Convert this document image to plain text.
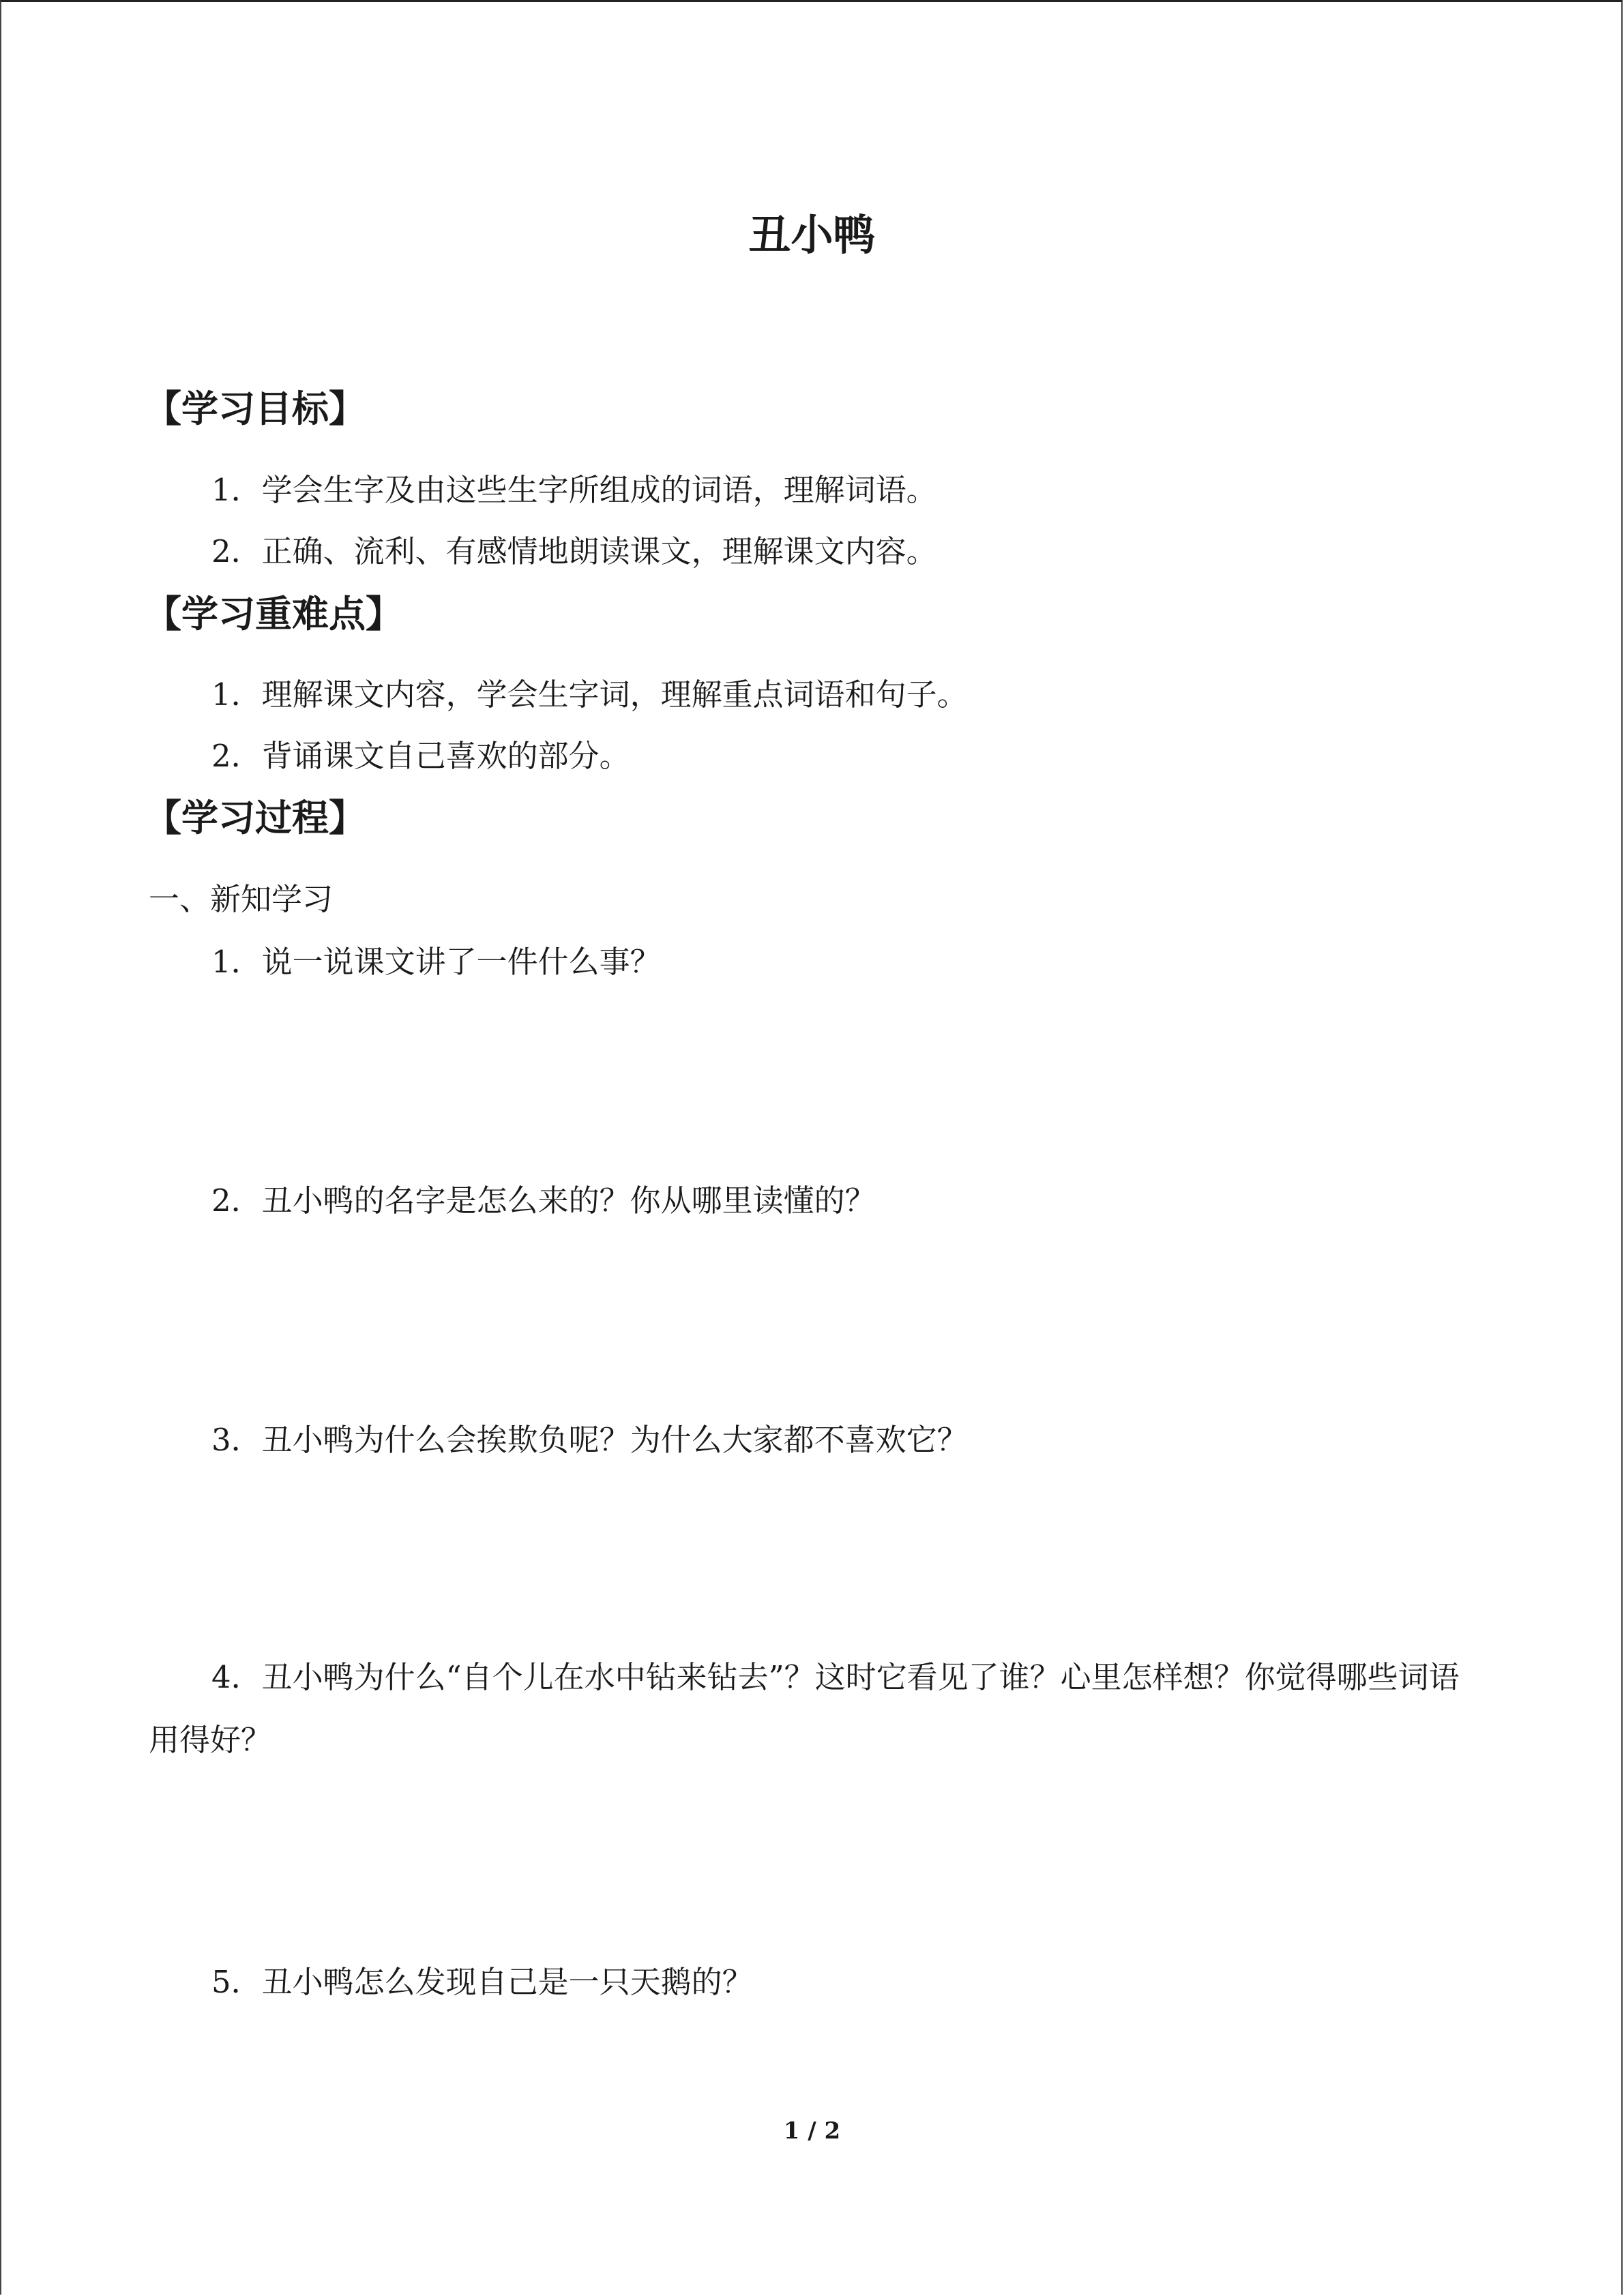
丑小鸭
【学习目标】
1．学会生字及由这些生字所组成的词语，理解词语。
2．正确、流利、有感情地朗读课文，理解课文内容。
【学习重难点】
1．理解课文内容，学会生字词，理解重点词语和句子。
2．背诵课文自己喜欢的部分。
【学习过程】
一、新知学习
1．说一说课文讲了一件什么事？
2．丑小鸭的名字是怎么来的？你从哪里读懂的？
3．丑小鸭为什么会挨欺负呢？为什么大家都不喜欢它？
4．丑小鸭为什么“自个儿在水中钻来钻去”？这时它看见了谁？心里怎样想？你觉得哪些词语用得好？
5．丑小鸭怎么发现自己是一只天鹅的？
1 / 2
